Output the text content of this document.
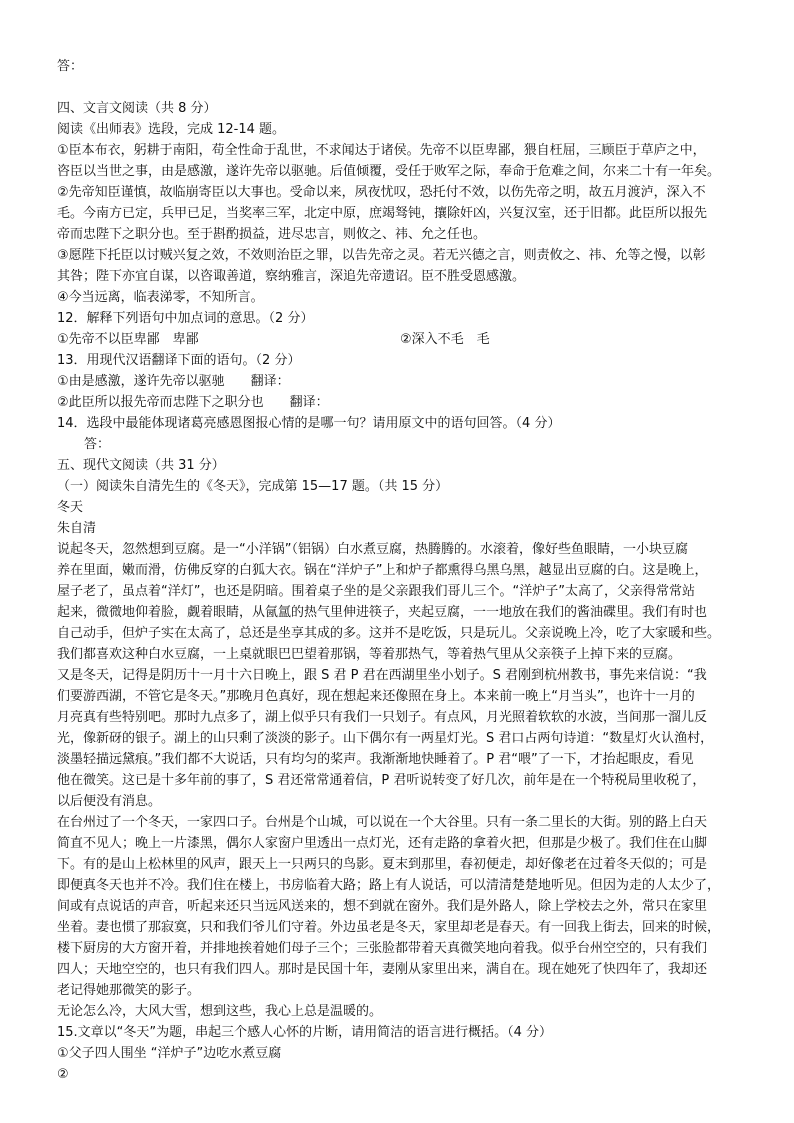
答：
四、文言文阅读（共 8 分）
阅读《出师表》选段，完成 12-14 题。
①臣本布衣，躬耕于南阳，苟全性命于乱世，不求闻达于诸侯。先帝不以臣卑鄙，猥自枉屈，三顾臣于草庐之中，
咨臣以当世之事，由是感激，遂许先帝以驱驰。后值倾覆，受任于败军之际，奉命于危难之间，尔来二十有一年矣。
②先帝知臣谨慎，故临崩寄臣以大事也。受命以来，夙夜忧叹，恐托付不效，以伤先帝之明，故五月渡泸，深入不
毛。今南方已定，兵甲已足，当奖率三军，北定中原，庶竭驽钝，攘除奸凶，兴复汉室，还于旧都。此臣所以报先
帝而忠陛下之职分也。至于斟酌损益，进尽忠言，则攸之、祎、允之任也。
③愿陛下托臣以讨贼兴复之效，不效则治臣之罪，以告先帝之灵。若无兴德之言，则责攸之、祎、允等之慢，以彰
其咎；陛下亦宜自谋，以咨诹善道，察纳雅言，深追先帝遗诏。臣不胜受恩感激。
④今当远离，临表涕零，不知所言。
12．解释下列语句中加点词的意思。（2 分）
①先帝不以臣卑鄙　卑鄙	②深入不毛　毛
13．用现代汉语翻译下面的语句。（2 分）
①由是感激，遂许先帝以驱驰　　翻译：
②此臣所以报先帝而忠陛下之职分也　　翻译：
14．选段中最能体现诸葛亮感恩图报心情的是哪一句？请用原文中的语句回答。（4 分）
答：
五、现代文阅读（共 31 分）
（一）阅读朱自清先生的《冬天》，完成第 15—17 题。（共 15 分）
冬天
朱自清
说起冬天，忽然想到豆腐。是一“小洋锅”（铝锅）白水煮豆腐，热腾腾的。水滚着，像好些鱼眼睛，一小块豆腐
养在里面，嫩而滑，仿佛反穿的白狐大衣。锅在“洋炉子”上和炉子都熏得乌黑乌黑，越显出豆腐的白。这是晚上，
屋子老了，虽点着“洋灯”，也还是阴暗。围着桌子坐的是父亲跟我们哥儿三个。“洋炉子”太高了，父亲得常常站
起来，微微地仰着脸，觑着眼睛，从氤氲的热气里伸进筷子，夹起豆腐，一一地放在我们的酱油碟里。我们有时也
自己动手，但炉子实在太高了，总还是坐享其成的多。这并不是吃饭，只是玩儿。父亲说晚上冷，吃了大家暖和些。
我们都喜欢这种白水豆腐，一上桌就眼巴巴望着那锅，等着那热气，等着热气里从父亲筷子上掉下来的豆腐。
又是冬天，记得是阴历十一月十六日晚上，跟 S 君 P 君在西湖里坐小划子。S 君刚到杭州教书，事先来信说：“我
们要游西湖，不管它是冬天。”那晚月色真好，现在想起来还像照在身上。本来前一晚上“月当头”，也许十一月的
月亮真有些特别吧。那时九点多了，湖上似乎只有我们一只划子。有点风，月光照着软软的水波，当间那一溜儿反
光，像新砑的银子。湖上的山只剩了淡淡的影子。山下偶尔有一两星灯光。S 君口占两句诗道：“数星灯火认渔村，
淡墨轻描远黛痕。”我们都不大说话，只有均匀的桨声。我渐渐地快睡着了。P 君“喂”了一下，才抬起眼皮，看见
他在微笑。这已是十多年前的事了，S 君还常常通着信，P 君听说转变了好几次，前年是在一个特税局里收税了，
以后便没有消息。
在台州过了一个冬天，一家四口子。台州是个山城，可以说在一个大谷里。只有一条二里长的大街。别的路上白天
简直不见人；晚上一片漆黑，偶尔人家窗户里透出一点灯光，还有走路的拿着火把，但那是少极了。我们住在山脚
下。有的是山上松林里的风声，跟天上一只两只的鸟影。夏末到那里，春初便走，却好像老在过着冬天似的；可是
即便真冬天也并不冷。我们住在楼上，书房临着大路；路上有人说话，可以清清楚楚地听见。但因为走的人太少了，
间或有点说话的声音，听起来还只当远风送来的，想不到就在窗外。我们是外路人，除上学校去之外，常只在家里
坐着。妻也惯了那寂寞，只和我们爷儿们守着。外边虽老是冬天，家里却老是春天。有一回我上街去，回来的时候，
楼下厨房的大方窗开着，并排地挨着她们母子三个；三张脸都带着天真微笑地向着我。似乎台州空空的，只有我们
四人；天地空空的，也只有我们四人。那时是民国十年，妻刚从家里出来，满自在。现在她死了快四年了，我却还
老记得她那微笑的影子。
无论怎么冷，大风大雪，想到这些，我心上总是温暖的。
15.文章以“冬天”为题，串起三个感人心怀的片断，请用简洁的语言进行概括。（4 分）
①父子四人围坐 “洋炉子”边吃水煮豆腐
②
